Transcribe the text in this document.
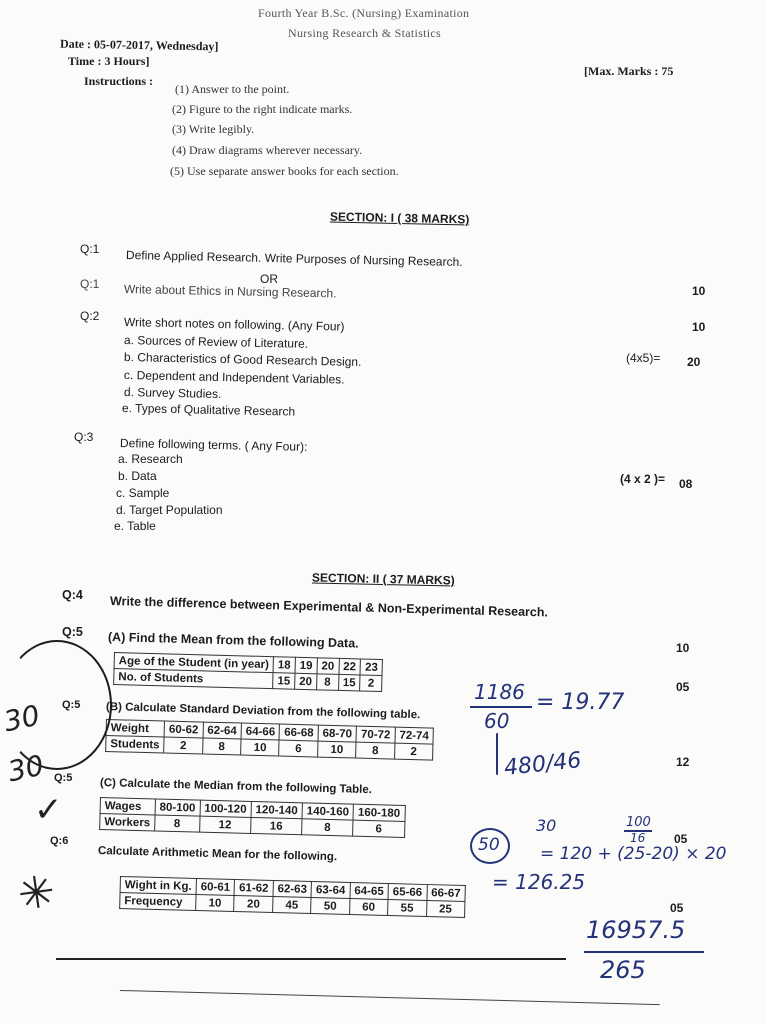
Fourth Year B.Sc. (Nursing) Examination
Nursing Research & Statistics
Date : 05-07-2017, Wednesday]
Time : 3 Hours]
[Max. Marks : 75
Instructions :
(1) Answer to the point.
(2) Figure to the right indicate marks.
(3) Write legibly.
(4) Draw diagrams wherever necessary.
(5) Use separate answer books for each section.
SECTION: I ( 38 MARKS)
Q:1 Define Applied Research. Write Purposes of Nursing Research.
OR
Q:1 Write about Ethics in Nursing Research.	10
Q:2 Write short notes on following. (Any Four)	10
a. Sources of Review of Literature.
b. Characteristics of Good Research Design.	(4x5)= 20
c. Dependent and Independent Variables.
d. Survey Studies.
e. Types of Qualitative Research
Q:3 Define following terms. ( Any Four):
a. Research
b. Data	(4 x 2 )= 08
c. Sample
d. Target Population
e. Table
SECTION: II ( 37 MARKS)
Q:4 Write the difference between Experimental & Non-Experimental Research.
10
Q:5 (A) Find the Mean from the following Data.
05
Age of the Student (in year)	18	19	20	22	23
No. of Students	15	20	8	15	2
Q:5 (B) Calculate Standard Deviation from the following table.
12
Weight	60-62	62-64	64-66	66-68	68-70	70-72	72-74
Students	2	8	10	6	10	8	2
Q:5 (C) Calculate the Median from the following Table.
05
Wages	80-100	100-120	120-140	140-160	160-180
Workers	8	12	16	8	6
Q:6
Calculate Arithmetic Mean for the following.
05
Wight in Kg.	60-61	61-62	62-63	63-64	64-65	65-66	66-67
Frequency	10	20	45	50	60	55	25
1186
60
= 19.77
480/46
30	100
16
= 120 + (25-20) × 20
= 126.25
50
16957.5
265
30
30
✓
✳
